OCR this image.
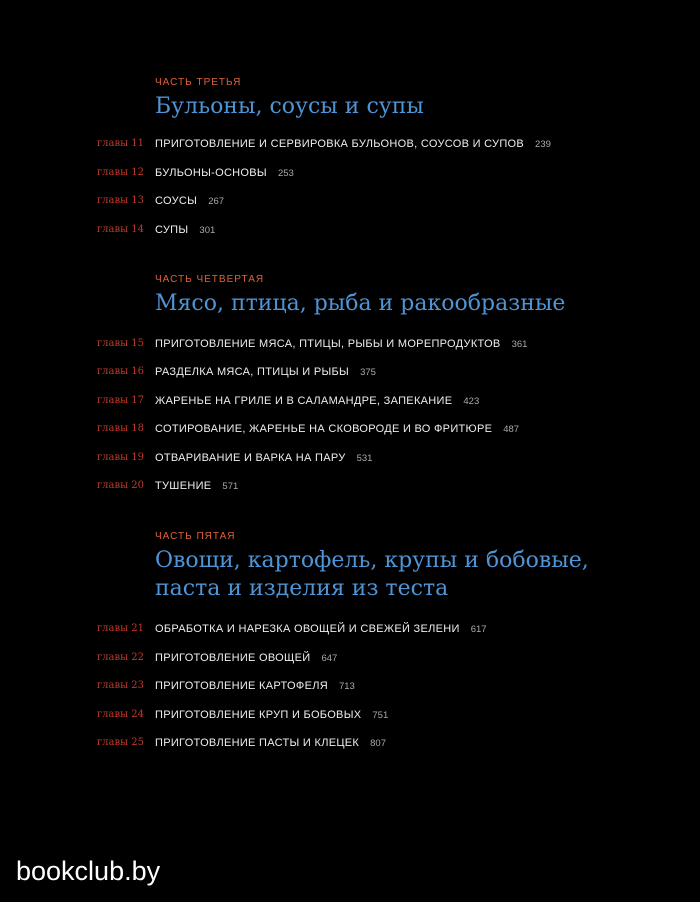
ЧАСТЬ ТРЕТЬЯ
Бульоны, соусы и супы
главы 11 ПРИГОТОВЛЕНИЕ И СЕРВИРОВКА БУЛЬОНОВ, СОУСОВ И СУПОВ 239
главы 12 БУЛЬОНЫ-ОСНОВЫ 253
главы 13 СОУСЫ 267
главы 14 СУПЫ 301
ЧАСТЬ ЧЕТВЕРТАЯ
Мясо, птица, рыба и ракообразные
главы 15 ПРИГОТОВЛЕНИЕ МЯСА, ПТИЦЫ, РЫБЫ И МОРЕПРОДУКТОВ 361
главы 16 РАЗДЕЛКА МЯСА, ПТИЦЫ И РЫБЫ 375
главы 17 ЖАРЕНЬЕ НА ГРИЛЕ И В САЛАМАНДРЕ, ЗАПЕКАНИЕ 423
главы 18 СОТИРОВАНИЕ, ЖАРЕНЬЕ НА СКОВОРОДЕ И ВО ФРИТЮРЕ 487
главы 19 ОТВАРИВАНИЕ И ВАРКА НА ПАРУ 531
главы 20 ТУШЕНИЕ 571
ЧАСТЬ ПЯТАЯ
Овощи, картофель, крупы и бобовые,
паста и изделия из теста
главы 21 ОБРАБОТКА И НАРЕЗКА ОВОЩЕЙ И СВЕЖЕЙ ЗЕЛЕНИ 617
главы 22 ПРИГОТОВЛЕНИЕ ОВОЩЕЙ 647
главы 23 ПРИГОТОВЛЕНИЕ КАРТОФЕЛЯ 713
главы 24 ПРИГОТОВЛЕНИЕ КРУП И БОБОВЫХ 751
главы 25 ПРИГОТОВЛЕНИЕ ПАСТЫ И КЛЕЦЕК 807
bookclub.by
